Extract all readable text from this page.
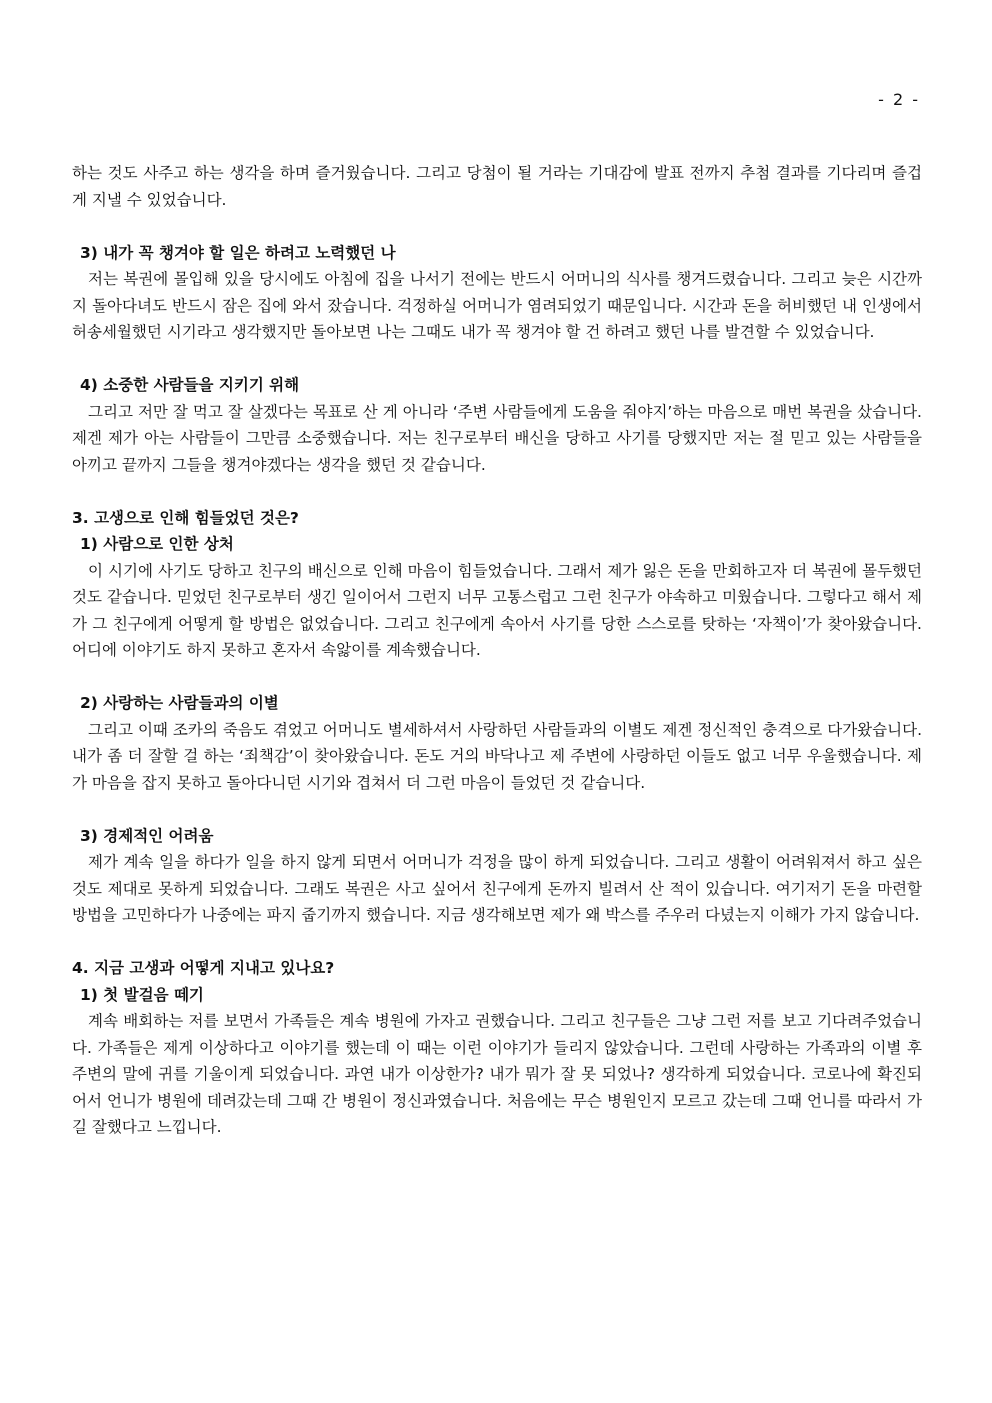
- 2 -

하는 것도 사주고 하는 생각을 하며 즐거웠습니다. 그리고 당첨이 될 거라는 기대감에 발표 전까지 추첨 결과를 기다리며 즐겁게 지낼 수 있었습니다.

3) 내가 꼭 챙겨야 할 일은 하려고 노력했던 나

저는 복권에 몰입해 있을 당시에도 아침에 집을 나서기 전에는 반드시 어머니의 식사를 챙겨드렸습니다. 그리고 늦은 시간까지 돌아다녀도 반드시 잠은 집에 와서 잤습니다. 걱정하실 어머니가 염려되었기 때문입니다. 시간과 돈을 허비했던 내 인생에서 허송세월했던 시기라고 생각했지만 돌아보면 나는 그때도 내가 꼭 챙겨야 할 건 하려고 했던 나를 발견할 수 있었습니다.

4) 소중한 사람들을 지키기 위해

그리고 저만 잘 먹고 잘 살겠다는 목표로 산 게 아니라 ‘주변 사람들에게 도움을 줘야지’하는 마음으로 매번 복권을 샀습니다. 제겐 제가 아는 사람들이 그만큼 소중했습니다. 저는 친구로부터 배신을 당하고 사기를 당했지만 저는 절 믿고 있는 사람들을 아끼고 끝까지 그들을 챙겨야겠다는 생각을 했던 것 같습니다.

3. 고생으로 인해 힘들었던 것은?
1) 사람으로 인한 상처

이 시기에 사기도 당하고 친구의 배신으로 인해 마음이 힘들었습니다. 그래서 제가 잃은 돈을 만회하고자 더 복권에 몰두했던 것도 같습니다. 믿었던 친구로부터 생긴 일이어서 그런지 너무 고통스럽고 그런 친구가 야속하고 미웠습니다. 그렇다고 해서 제가 그 친구에게 어떻게 할 방법은 없었습니다. 그리고 친구에게 속아서 사기를 당한 스스로를 탓하는 ‘자책이’가 찾아왔습니다. 어디에 이야기도 하지 못하고 혼자서 속앓이를 계속했습니다.

2) 사랑하는 사람들과의 이별

그리고 이때 조카의 죽음도 겪었고 어머니도 별세하셔서 사랑하던 사람들과의 이별도 제겐 정신적인 충격으로 다가왔습니다. 내가 좀 더 잘할 걸 하는 ‘죄책감’이 찾아왔습니다. 돈도 거의 바닥나고 제 주변에 사랑하던 이들도 없고 너무 우울했습니다. 제가 마음을 잡지 못하고 돌아다니던 시기와 겹쳐서 더 그런 마음이 들었던 것 같습니다.

3) 경제적인 어려움

제가 계속 일을 하다가 일을 하지 않게 되면서 어머니가 걱정을 많이 하게 되었습니다. 그리고 생활이 어려워져서 하고 싶은 것도 제대로 못하게 되었습니다. 그래도 복권은 사고 싶어서 친구에게 돈까지 빌려서 산 적이 있습니다. 여기저기 돈을 마련할 방법을 고민하다가 나중에는 파지 줍기까지 했습니다. 지금 생각해보면 제가 왜 박스를 주우러 다녔는지 이해가 가지 않습니다.

4. 지금 고생과 어떻게 지내고 있나요?
1) 첫 발걸음 떼기

계속 배회하는 저를 보면서 가족들은 계속 병원에 가자고 권했습니다. 그리고 친구들은 그냥 그런 저를 보고 기다려주었습니다. 가족들은 제게 이상하다고 이야기를 했는데 이 때는 이런 이야기가 들리지 않았습니다. 그런데 사랑하는 가족과의 이별 후 주변의 말에 귀를 기울이게 되었습니다. 과연 내가 이상한가? 내가 뭐가 잘 못 되었나? 생각하게 되었습니다. 코로나에 확진되어서 언니가 병원에 데려갔는데 그때 간 병원이 정신과였습니다. 처음에는 무슨 병원인지 모르고 갔는데 그때 언니를 따라서 가길 잘했다고 느낍니다.
